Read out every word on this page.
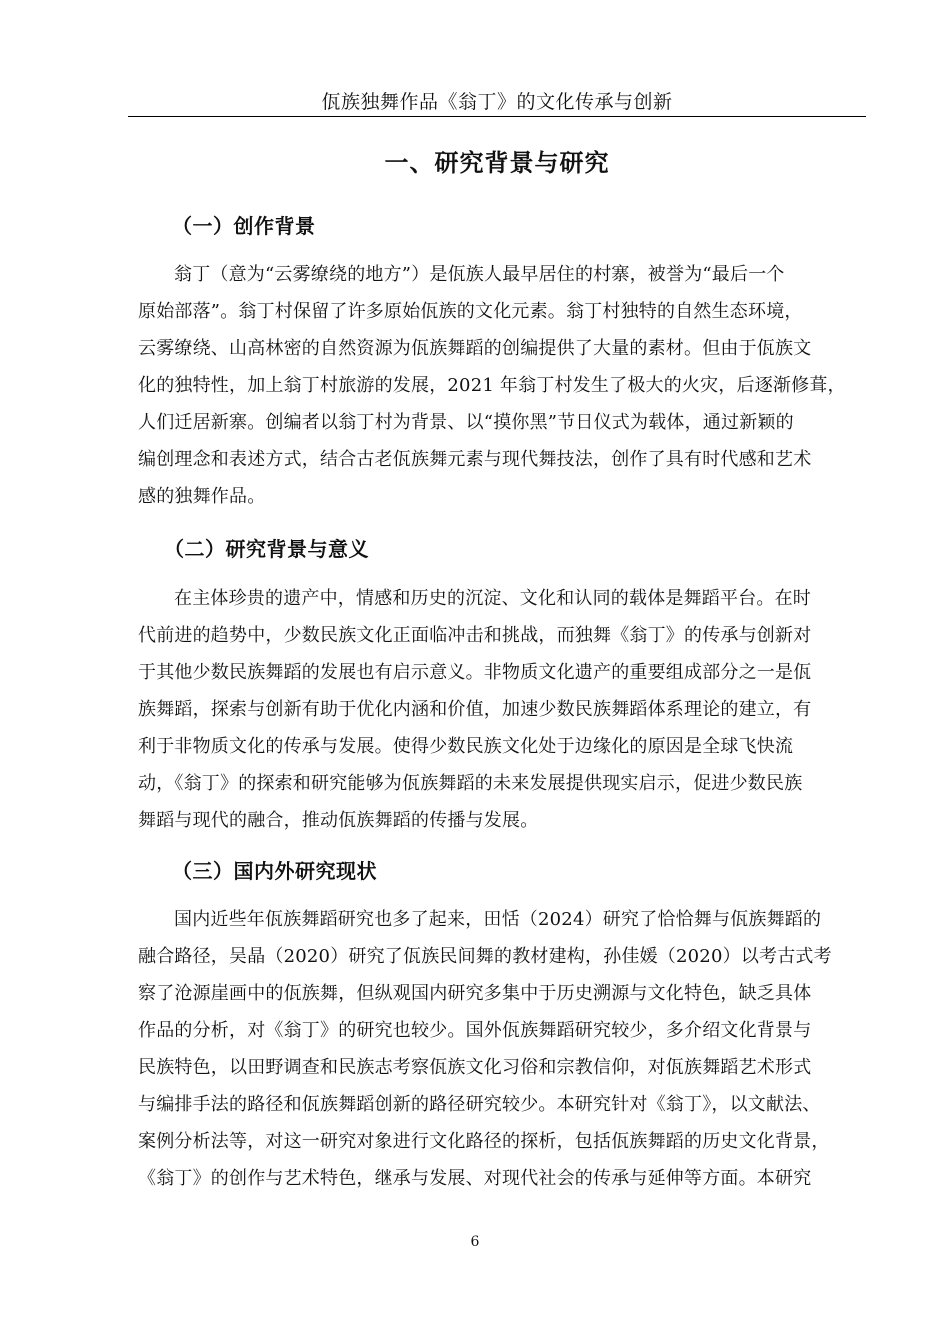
佤族独舞作品《翁丁》的文化传承与创新
一、研究背景与研究
（一）创作背景
翁丁（意为“云雾缭绕的地方”）是佤族人最早居住的村寨，被誉为“最后一个
原始部落”。翁丁村保留了许多原始佤族的文化元素。翁丁村独特的自然生态环境，
云雾缭绕、山高林密的自然资源为佤族舞蹈的创编提供了大量的素材。但由于佤族文
化的独特性，加上翁丁村旅游的发展，2021 年翁丁村发生了极大的火灾，后逐渐修葺，
人们迁居新寨。创编者以翁丁村为背景、以“摸你黑”节日仪式为载体，通过新颖的
编创理念和表述方式，结合古老佤族舞元素与现代舞技法，创作了具有时代感和艺术
感的独舞作品。
（二）研究背景与意义
在主体珍贵的遗产中，情感和历史的沉淀、文化和认同的载体是舞蹈平台。在时
代前进的趋势中，少数民族文化正面临冲击和挑战，而独舞《翁丁》的传承与创新对
于其他少数民族舞蹈的发展也有启示意义。非物质文化遗产的重要组成部分之一是佤
族舞蹈，探索与创新有助于优化内涵和价值，加速少数民族舞蹈体系理论的建立，有
利于非物质文化的传承与发展。使得少数民族文化处于边缘化的原因是全球飞快流
动，《翁丁》的探索和研究能够为佤族舞蹈的未来发展提供现实启示，促进少数民族
舞蹈与现代的融合，推动佤族舞蹈的传播与发展。
（三）国内外研究现状
国内近些年佤族舞蹈研究也多了起来，田恬（2024）研究了恰恰舞与佤族舞蹈的
融合路径，吴晶（2020）研究了佤族民间舞的教材建构，孙佳媛（2020）以考古式考
察了沧源崖画中的佤族舞，但纵观国内研究多集中于历史溯源与文化特色，缺乏具体
作品的分析，对《翁丁》的研究也较少。国外佤族舞蹈研究较少，多介绍文化背景与
民族特色，以田野调查和民族志考察佤族文化习俗和宗教信仰，对佤族舞蹈艺术形式
与编排手法的路径和佤族舞蹈创新的路径研究较少。本研究针对《翁丁》，以文献法、
案例分析法等，对这一研究对象进行文化路径的探析，包括佤族舞蹈的历史文化背景，
《翁丁》的创作与艺术特色，继承与发展、对现代社会的传承与延伸等方面。本研究
6
